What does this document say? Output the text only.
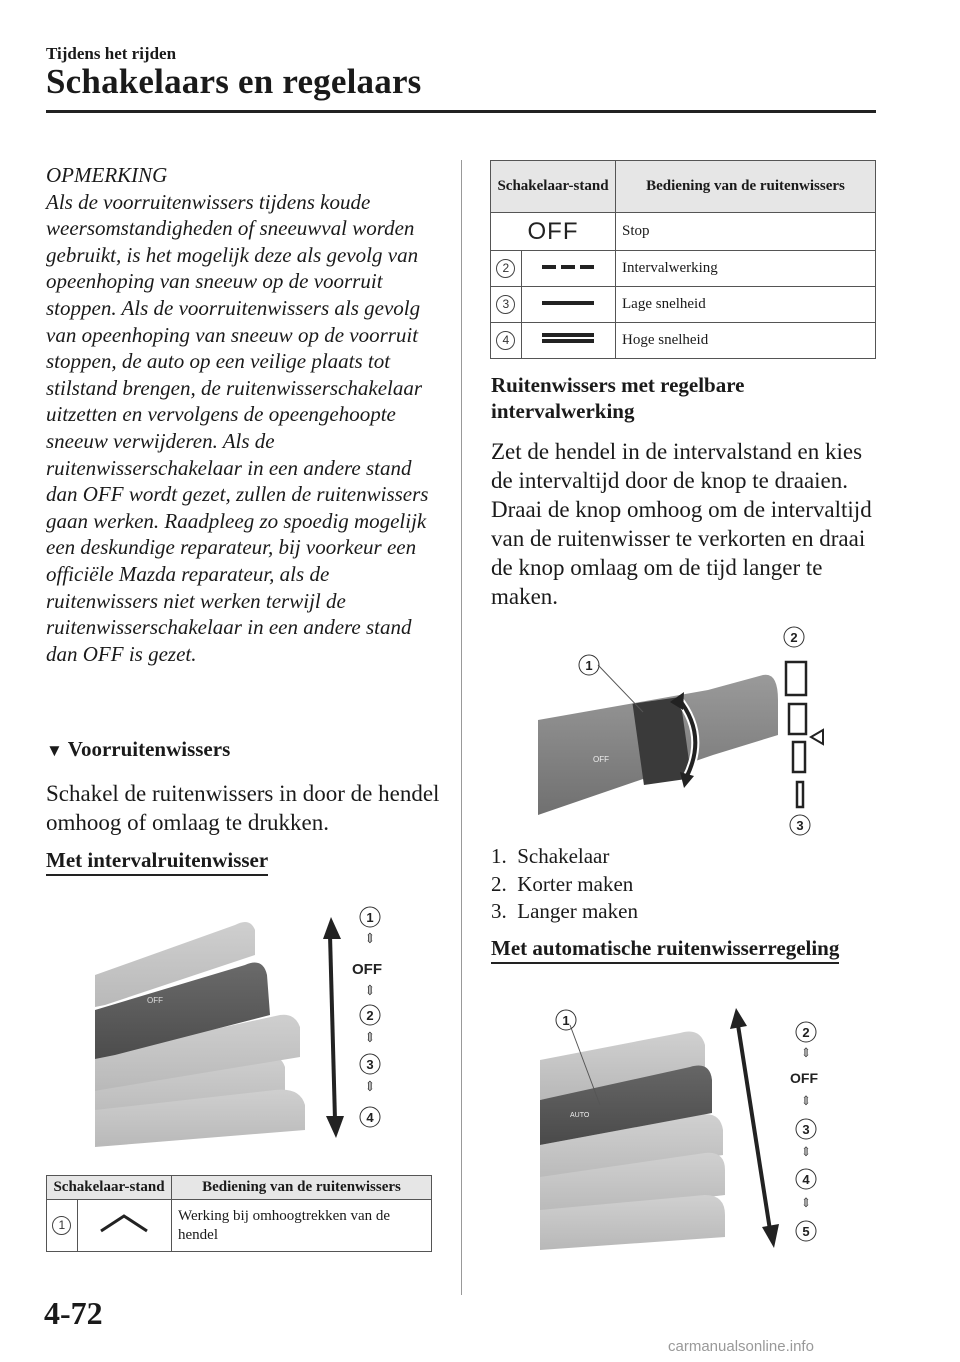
Tijdens het rijden
Schakelaars en regelaars
OPMERKING
Als de voorruitenwissers tijdens koude weersomstandigheden of sneeuwval worden gebruikt, is het mogelijk deze als gevolg van opeenhoping van sneeuw op de voorruit stoppen. Als de voorruitenwissers als gevolg van opeenhoping van sneeuw op de voorruit stoppen, de auto op een veilige plaats tot stilstand brengen, de ruitenwisserschakelaar uitzetten en vervolgens de opeengehoopte sneeuw verwijderen. Als de ruitenwisserschakelaar in een andere stand dan OFF wordt gezet, zullen de ruitenwissers gaan werken. Raadpleeg zo spoedig mogelijk een deskundige reparateur, bij voorkeur een officiële Mazda reparateur, als de ruitenwissers niet werken terwijl de ruitenwisserschakelaar in een andere stand dan OFF is gezet.
▼ Voorruitenwissers
Schakel de ruitenwissers in door de hendel omhoog of omlaag te drukken.
Met intervalruitenwisser
OFF
1
⇕
OFF
⇕
2
⇕
3
⇕
4
Schakelaar-stand		Bediening van de ruitenwissers
1		Werking bij omhoogtrekken van de hendel
Schakelaar-stand		Bediening van de ruitenwissers
OFF		Stop
2		Intervalwerking
3		Lage snelheid
4		Hoge snelheid
Ruitenwissers met regelbare intervalwerking
Zet de hendel in de intervalstand en kies de intervaltijd door de knop te draaien. Draai de knop omhoog om de intervaltijd van de ruitenwisser te verkorten en draai de knop omlaag om de tijd langer te maken.
OFF
1
2
3
1. Schakelaar
2. Korter maken
3. Langer maken
Met automatische ruitenwisserregeling
AUTO
1
2
⇕
OFF
⇕
3
⇕
4
⇕
5
4-72
carmanualsonline.info
